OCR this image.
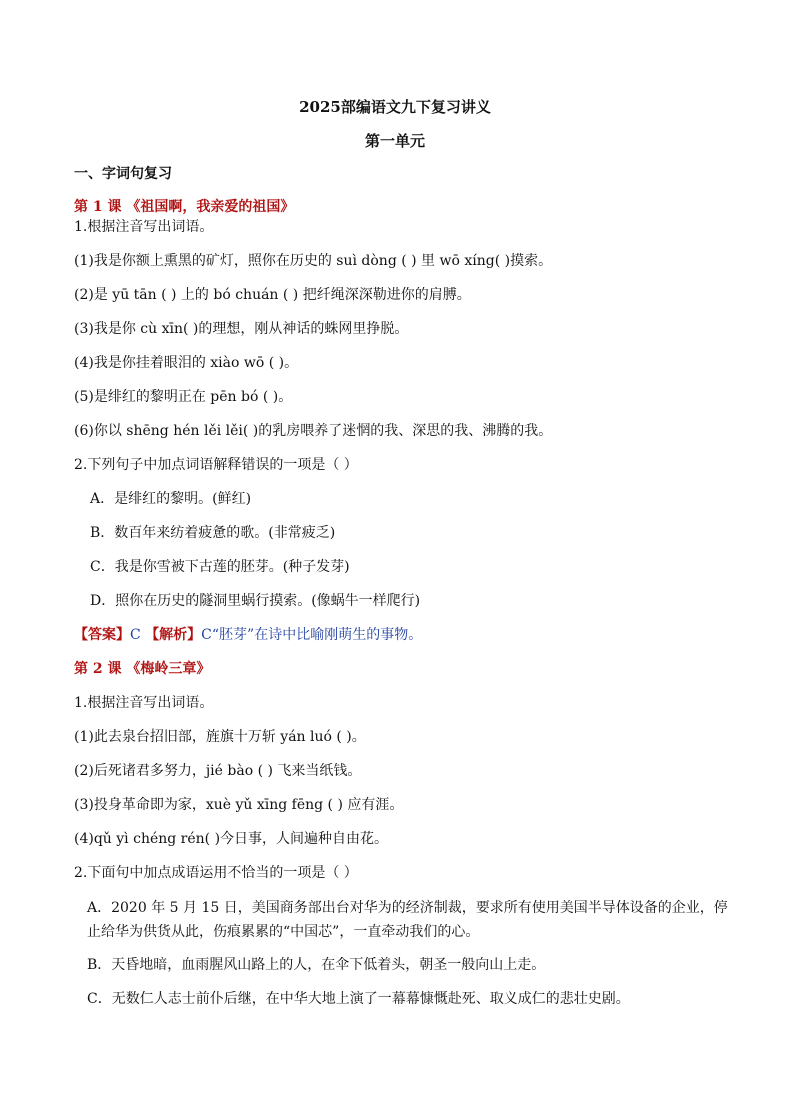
2025部编语文九下复习讲义
第一单元
一、字词句复习
第 1 课 《祖国啊，我亲爱的祖国》
1.根据注音写出词语。
(1)我是你额上熏黑的矿灯，照你在历史的 suì dòng ( ) 里 wō xíng( )摸索。
(2)是 yū tān ( ) 上的 bó chuán ( ) 把纤绳深深勒进你的肩膊。
(3)我是你 cù xīn( )的理想，刚从神话的蛛网里挣脱。
(4)我是你挂着眼泪的 xiào wō ( )。
(5)是绯红的黎明正在 pēn bó ( )。
(6)你以 shēng hén lěi lěi( )的乳房喂养了迷惘的我、深思的我、沸腾的我。
2.下列句子中加点词语解释错误的一项是（ ）
A．是绯红的黎明。(鲜红)
B．数百年来纺着疲惫的歌。(非常疲乏)
C．我是你雪被下古莲的胚芽。(种子发芽)
D．照你在历史的隧洞里蜗行摸索。(像蜗牛一样爬行)
【答案】C 【解析】C“胚芽”在诗中比喻刚萌生的事物。
第 2 课 《梅岭三章》
1.根据注音写出词语。
(1)此去泉台招旧部，旌旗十万斩 yán luó ( )。
(2)后死诸君多努力，jié bào ( ) 飞来当纸钱。
(3)投身革命即为家，xuè yǔ xīng fēng ( ) 应有涯。
(4)qǔ yì chéng rén( )今日事，人间遍种自由花。
2.下面句中加点成语运用不恰当的一项是（ ）
A．2020 年 5 月 15 日，美国商务部出台对华为的经济制裁，要求所有使用美国半导体设备的企业，停止给华为供货从此，伤痕累累的“中国芯”，一直牵动我们的心。
B．天昏地暗，血雨腥风山路上的人，在伞下低着头，朝圣一般向山上走。
C．无数仁人志士前仆后继，在中华大地上演了一幕幕慷慨赴死、取义成仁的悲壮史剧。
